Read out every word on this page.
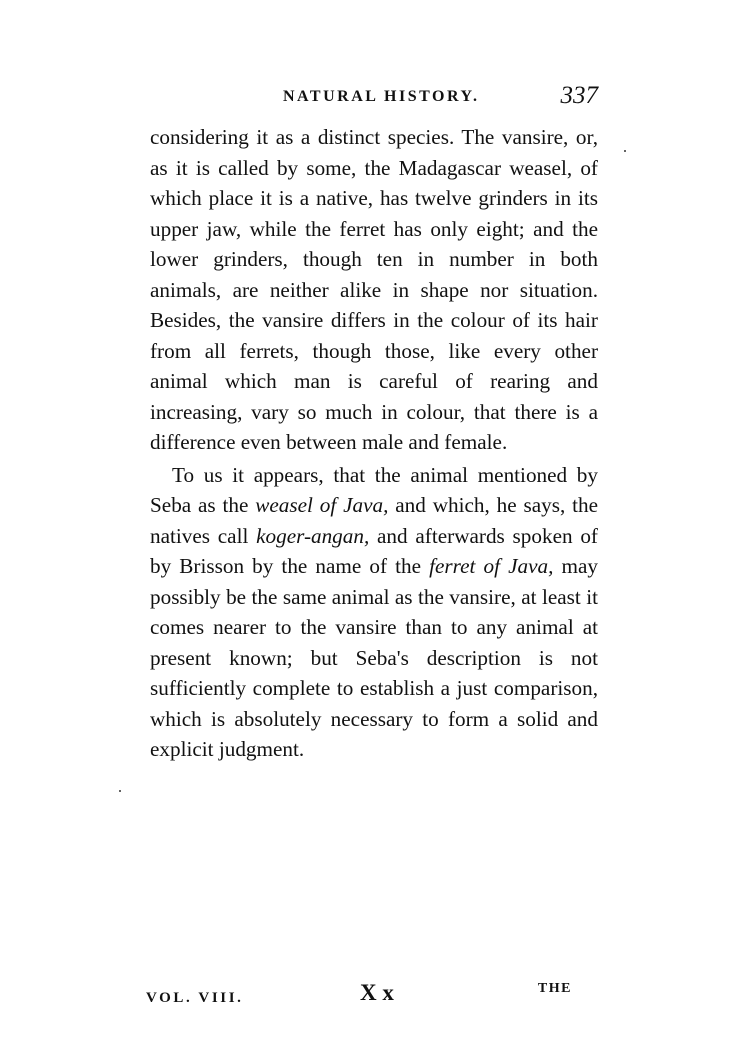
NATURAL HISTORY.	337

considering it as a distinct species. The vansire, or, as it is called by some, the Madagascar weasel, of which place it is a native, has twelve grinders in its upper jaw, while the ferret has only eight; and the lower grinders, though ten in number in both animals, are neither alike in shape nor situation. Besides, the vansire differs in the colour of its hair from all ferrets, though those, like every other animal which man is careful of rearing and increasing, vary so much in colour, that there is a difference even between male and female.

To us it appears, that the animal mentioned by Seba as the weasel of Java, and which, he says, the natives call koger-angan, and afterwards spoken of by Brisson by the name of the ferret of Java, may possibly be the same animal as the vansire, at least it comes nearer to the vansire than to any animal at present known; but Seba's description is not sufficiently complete to establish a just comparison, which is absolutely necessary to form a solid and explicit judgment.

VOL. VIII.	X x	THE
